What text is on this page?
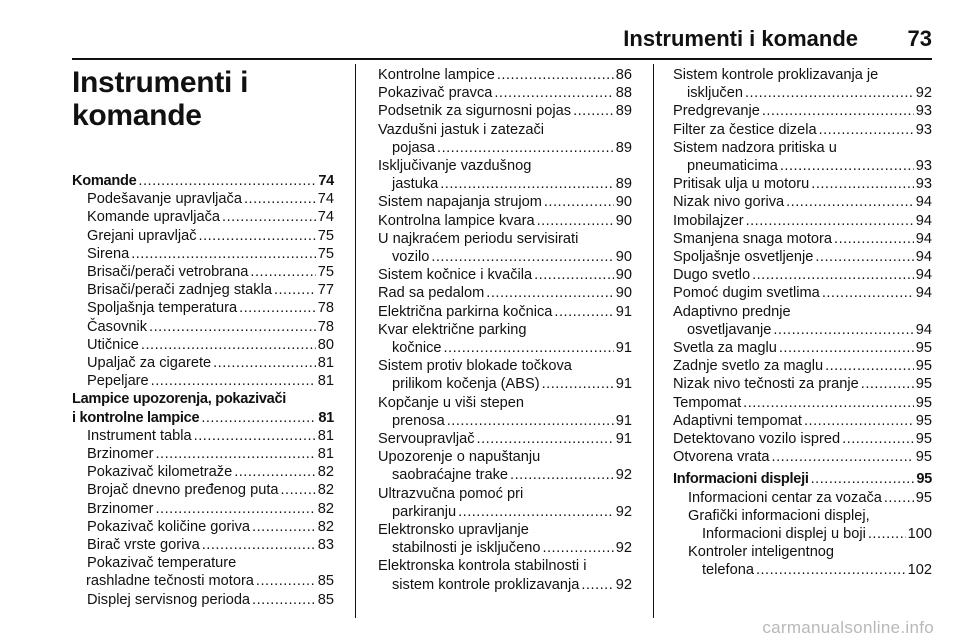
Instrumenti i komande 73
Instrumenti i
komande
Komande .....	74
Podešavanje upravljača .....	74
Komande upravljača .....	74
Grejani upravljač .....	75
Sirena .....	75
Brisači/perači vetrobrana .....	75
Brisači/perači zadnjeg stakla .....	77
Spoljašnja temperatura .....	78
Časovnik .....	78
Utičnice .....	80
Upaljač za cigarete .....	81
Pepeljare .....	81
Lampice upozorenja, pokazivači
i kontrolne lampice .....	81
Instrument tabla .....	81
Brzinomer .....	81
Pokazivač kilometraže .....	82
Brojač dnevno pređenog puta .....	82
Brzinomer .....	82
Pokazivač količine goriva .....	82
Birač vrste goriva .....	83
Pokazivač temperature
rashladne tečnosti motora .....	85
Displej servisnog perioda .....	85
Kontrolne lampice .....	86
Pokazivač pravca .....	88
Podsetnik za sigurnosni pojas .....	89
Vazdušni jastuk i zatezači
pojasa .....	89
Isključivanje vazdušnog
jastuka .....	89
Sistem napajanja strujom .....	90
Kontrolna lampice kvara .....	90
U najkraćem periodu servisirati
vozilo .....	90
Sistem kočnice i kvačila .....	90
Rad sa pedalom .....	90
Električna parkirna kočnica .....	91
Kvar električne parking
kočnice .....	91
Sistem protiv blokade točkova
prilikom kočenja (ABS) .....	91
Kopčanje u viši stepen
prenosa .....	91
Servoupravljač .....	91
Upozorenje o napuštanju
saobraćajne trake .....	92
Ultrazvučna pomoć pri
parkiranju .....	92
Elektronsko upravljanje
stabilnosti je isključeno .....	92
Elektronska kontrola stabilnosti i
sistem kontrole proklizavanja ..... 92
Sistem kontrole proklizavanja je
isključen .....	92
Predgrevanje .....	93
Filter za čestice dizela .....	93
Sistem nadzora pritiska u
pneumaticima .....	93
Pritisak ulja u motoru .....	93
Nizak nivo goriva .....	94
Imobilajzer .....	94
Smanjena snaga motora .....	94
Spoljašnje osvetljenje .....	94
Dugo svetlo .....	94
Pomoć dugim svetlima .....	94
Adaptivno prednje
osvetljavanje .....	94
Svetla za maglu .....	95
Zadnje svetlo za maglu .....	95
Nizak nivo tečnosti za pranje .....	95
Tempomat .....	95
Adaptivni tempomat .....	95
Detektovano vozilo ispred .....	95
Otvorena vrata .....	95
Informacioni displeji .....	95
Informacioni centar za vozača ..... 95
Grafički informacioni displej,
Informacioni displej u boji .....	100
Kontroler inteligentnog
telefona .....	102
carmanualsonline.info
